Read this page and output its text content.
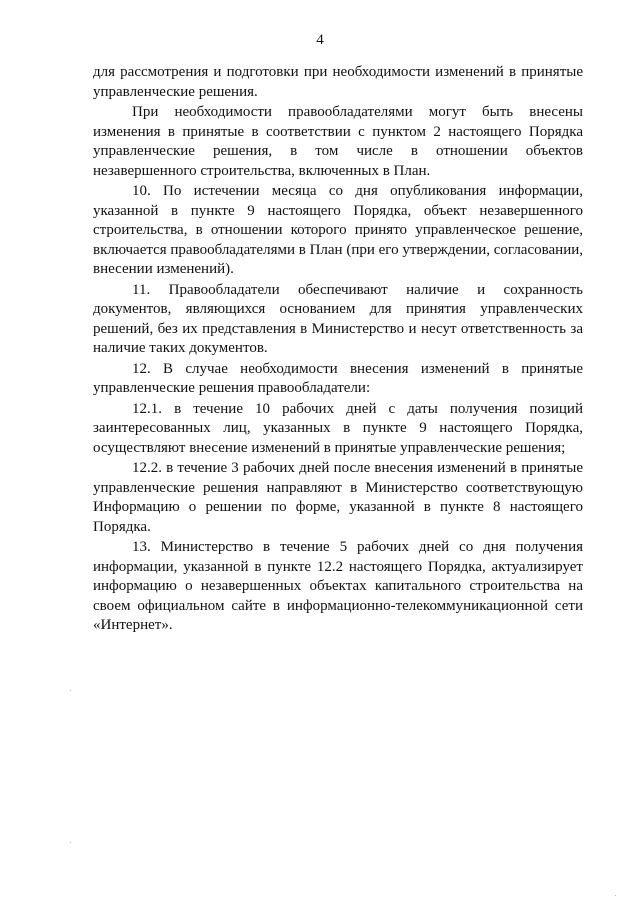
4

для рассмотрения и подготовки при необходимости изменений в принятые управленческие решения.

При необходимости правообладателями могут быть внесены изменения в принятые в соответствии с пунктом 2 настоящего Порядка управленческие решения, в том числе в отношении объектов незавершенного строительства, включенных в План.

10. По истечении месяца со дня опубликования информации, указанной в пункте 9 настоящего Порядка, объект незавершенного строительства, в отношении которого принято управленческое решение, включается правообладателями в План (при его утверждении, согласовании, внесении изменений).

11. Правообладатели обеспечивают наличие и сохранность документов, являющихся основанием для принятия управленческих решений, без их представления в Министерство и несут ответственность за наличие таких документов.

12. В случае необходимости внесения изменений в принятые управленческие решения правообладатели:

12.1. в течение 10 рабочих дней с даты получения позиций заинтересованных лиц, указанных в пункте 9 настоящего Порядка, осуществляют внесение изменений в принятые управленческие решения;

12.2. в течение 3 рабочих дней после внесения изменений в принятые управленческие решения направляют в Министерство соответствующую Информацию о решении по форме, указанной в пункте 8 настоящего Порядка.

13. Министерство в течение 5 рабочих дней со дня получения информации, указанной в пункте 12.2 настоящего Порядка, актуализирует информацию о незавершенных объектах капитального строительства на своем официальном сайте в информационно-телекоммуникационной сети «Интернет».
